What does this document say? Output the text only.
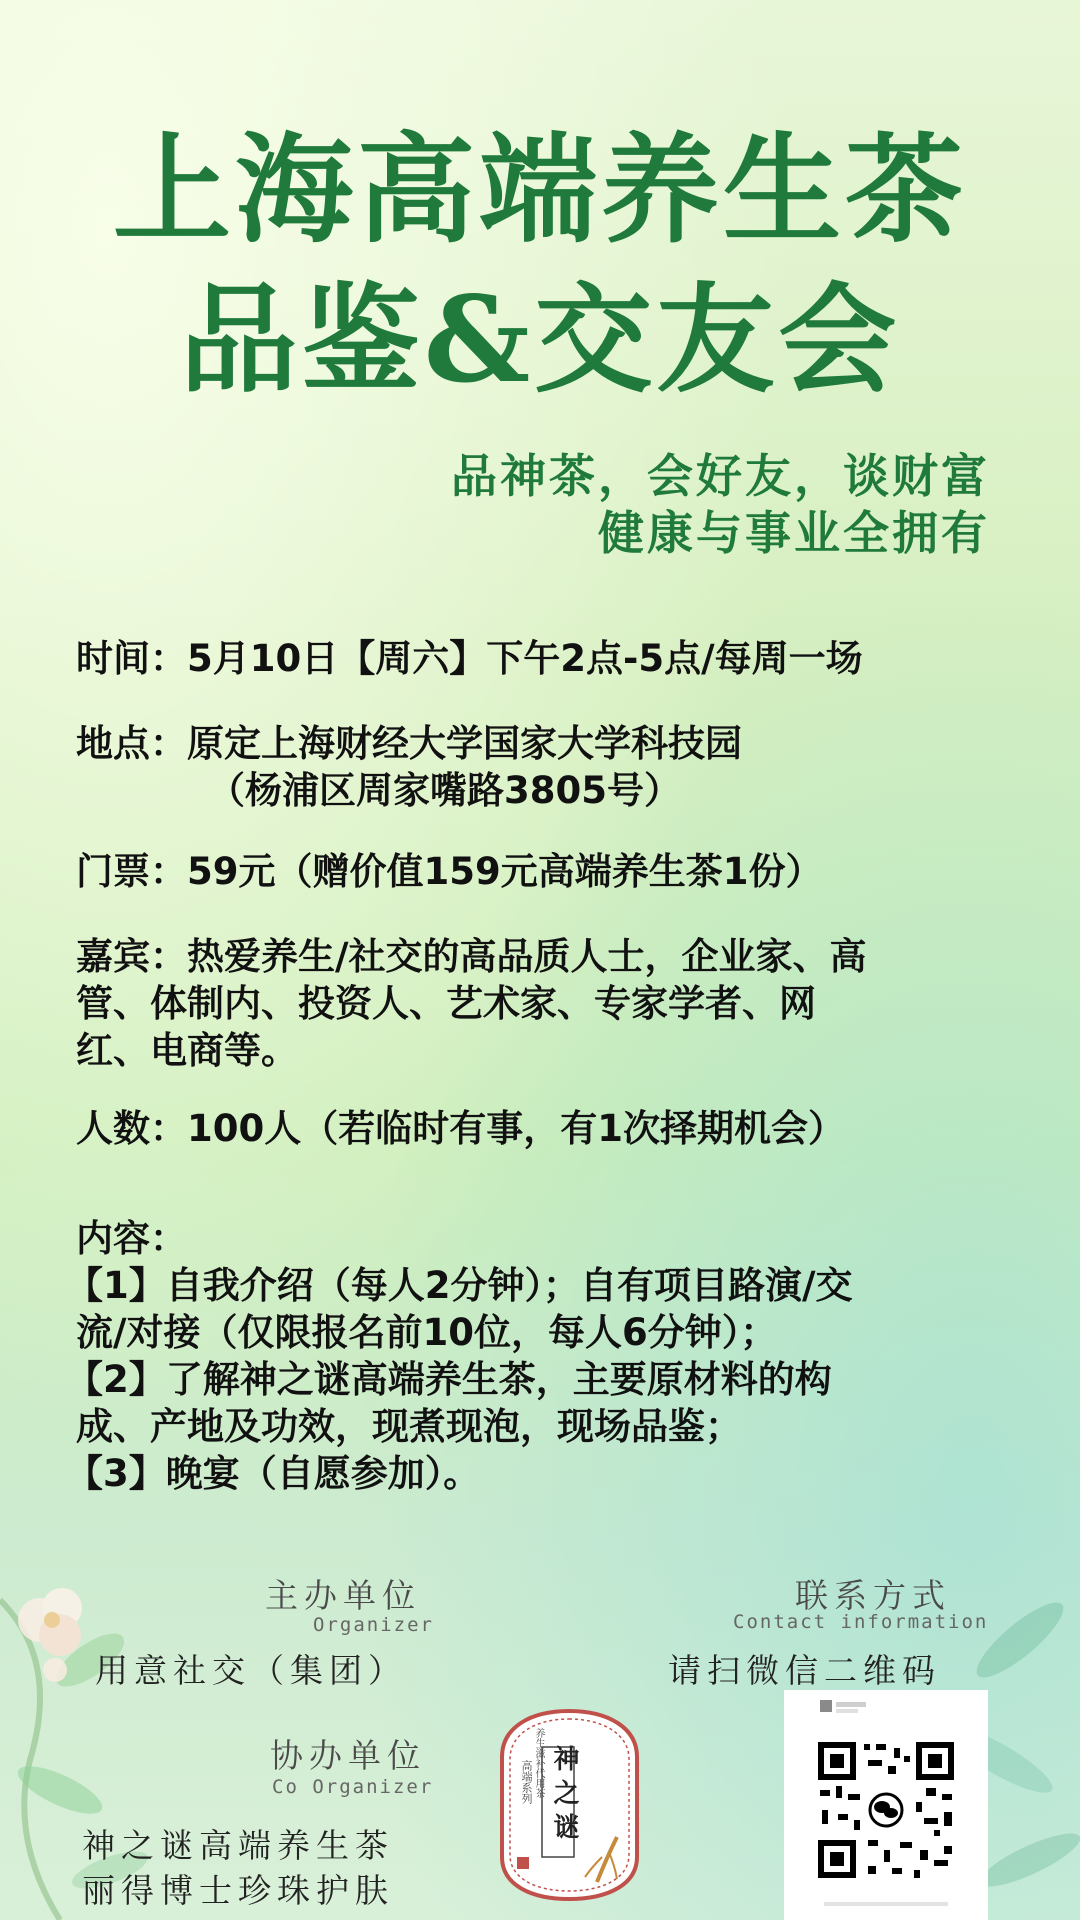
上海高端养生茶
品鉴&交友会
品神茶，会好友，谈财富
健康与事业全拥有
时间：5月10日【周六】下午2点-5点/每周一场
地点：原定上海财经大学国家大学科技园
（杨浦区周家嘴路3805号）
门票：59元（赠价值159元高端养生茶1份）
嘉宾：热爱养生/社交的高品质人士，企业家、高
管、体制内、投资人、艺术家、专家学者、网
红、电商等。
人数：100人（若临时有事，有1次择期机会）
内容：
【1】自我介绍（每人2分钟）；自有项目路演/交
流/对接（仅限报名前10位，每人6分钟）；
【2】了解神之谜高端养生茶，主要原材料的构
成、产地及功效，现煮现泡，现场品鉴；
【3】晚宴（自愿参加）。
主办单位
Organizer
用意社交（集团）
协办单位
Co Organizer
神之谜高端养生茶
丽得博士珍珠护肤
联系方式
Contact information
请扫微信二维码
神之谜
高端系列 养生滋补代用茶
